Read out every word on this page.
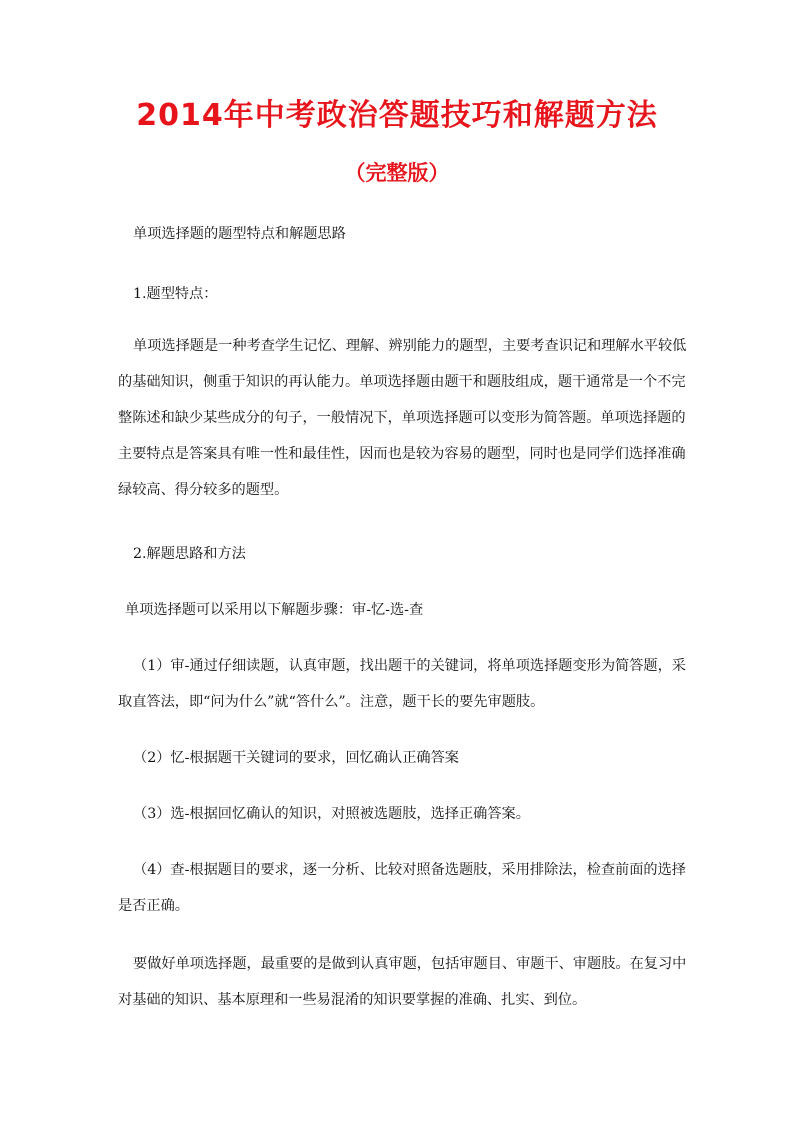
2014年中考政治答题技巧和解题方法
（完整版）
单项选择题的题型特点和解题思路
1.题型特点：
单项选择题是一种考查学生记忆、理解、辨别能力的题型，主要考查识记和理解水平较低
的基础知识，侧重于知识的再认能力。单项选择题由题干和题肢组成，题干通常是一个不完
整陈述和缺少某些成分的句子，一般情况下，单项选择题可以变形为简答题。单项选择题的
主要特点是答案具有唯一性和最佳性，因而也是较为容易的题型，同时也是同学们选择准确
绿较高、得分较多的题型。
2.解题思路和方法
单项选择题可以采用以下解题步骤：审-忆-选-查
（1）审-通过仔细读题，认真审题，找出题干的关键词，将单项选择题变形为简答题，采
取直答法，即“问为什么”就“答什么”。注意，题干长的要先审题肢。
（2）忆-根据题干关键词的要求，回忆确认正确答案
（3）选-根据回忆确认的知识，对照被选题肢，选择正确答案。
（4）查-根据题目的要求，逐一分析、比较对照备选题肢，采用排除法，检查前面的选择
是否正确。
要做好单项选择题，最重要的是做到认真审题，包括审题目、审题干、审题肢。在复习中
对基础的知识、基本原理和一些易混淆的知识要掌握的准确、扎实、到位。
